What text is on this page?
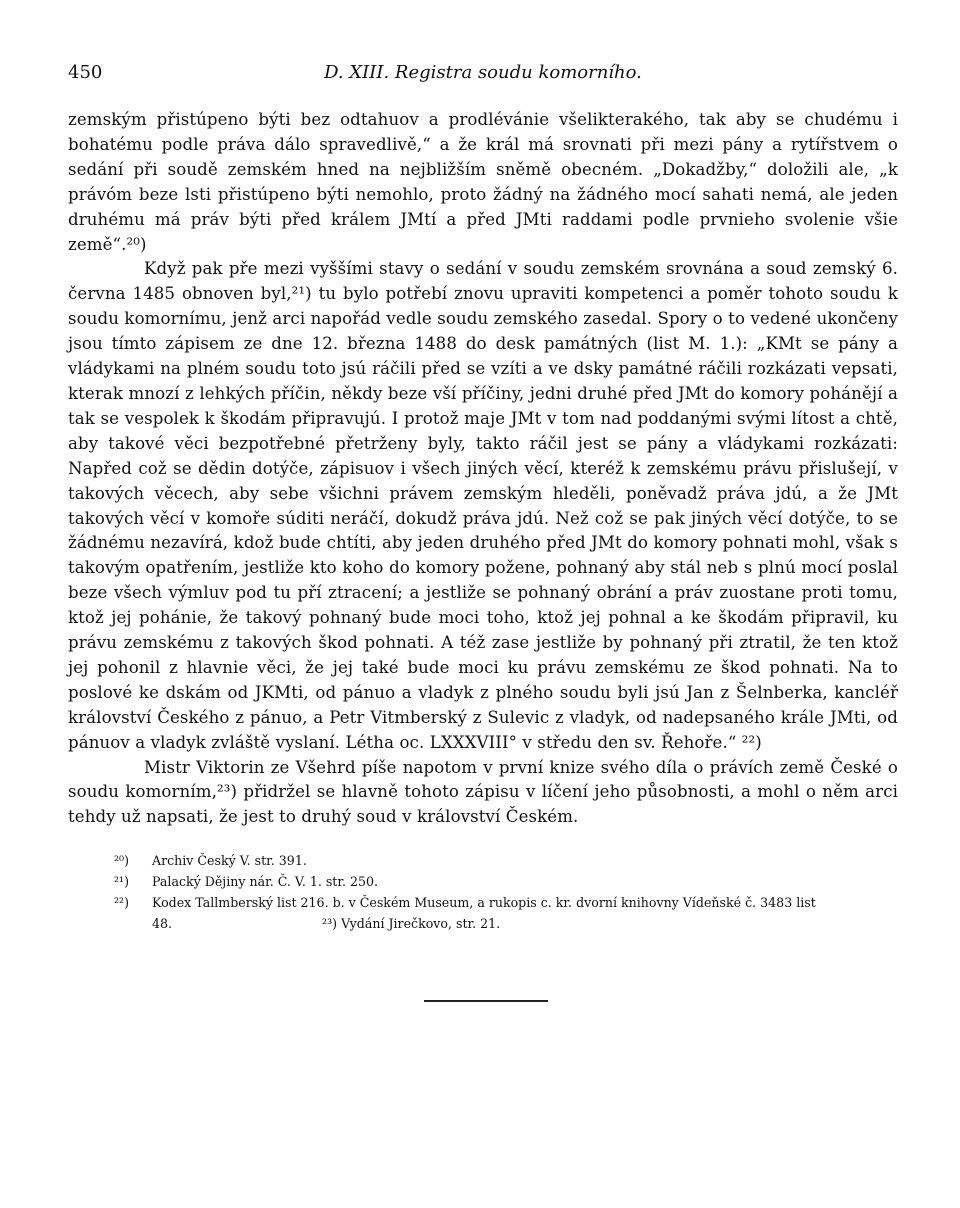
450	D. XIII. Registra soudu komorního.

zemským přistúpeno býti bez odtahuov a prodlévánie všelikterakého, tak aby se chudému i bohatému podle práva dálo spravedlivě,“ a že král má srovnati při mezi pány a rytířstvem o sedání při soudě zemském hned na nejbližším sněmě obecném. „Dokadžby,“ doložili ale, „k právóm beze lsti přistúpeno býti nemohlo, proto žádný na žádného mocí sahati nemá, ale jeden druhému má práv býti před králem JMtí a před JMti raddami podle prvnieho svolenie všie země“.²⁰)

Když pak pře mezi vyššími stavy o sedání v soudu zemském srovnána a soud zemský 6. června 1485 obnoven byl,²¹) tu bylo potřebí znovu upraviti kompetenci a poměr tohoto soudu k soudu komornímu, jenž arci napořád vedle soudu zemského zasedal. Spory o to vedené ukončeny jsou tímto zápisem ze dne 12. března 1488 do desk památných (list M. 1.): „KMt se pány a vládykami na plném soudu toto jsú ráčili před se vzíti a ve dsky památné ráčili rozkázati vepsati, kterak mnozí z lehkých příčin, někdy beze vší příčiny, jedni druhé před JMt do komory pohánějí a tak se vespolek k škodám připravujú. I protož maje JMt v tom nad poddanými svými lítost a chtě, aby takové věci bezpotřebné přetrženy byly, takto ráčil jest se pány a vládykami rozkázati: Napřed což se dědin dotýče, zápisuov i všech jiných věcí, kteréž k zemskému právu přislušejí, v takových věcech, aby sebe všichni právem zemským hleděli, poněvadž práva jdú, a že JMt takových věcí v komoře súditi neráčí, dokudž práva jdú. Než což se pak jiných věcí dotýče, to se žádnému nezavírá, kdož bude chtíti, aby jeden druhého před JMt do komory pohnati mohl, však s takovým opatřením, jestliže kto koho do komory požene, pohnaný aby stál neb s plnú mocí poslal beze všech výmluv pod tu pří ztracení; a jestliže se pohnaný obrání a práv zuostane proti tomu, ktož jej pohánie, že takový pohnaný bude moci toho, ktož jej pohnal a ke škodám připravil, ku právu zemskému z takových škod pohnati. A též zase jestliže by pohnaný při ztratil, že ten ktož jej pohonil z hlavnie věci, že jej také bude moci ku právu zemskému ze škod pohnati. Na to poslové ke dskám od JKMti, od pánuo a vladyk z plného soudu byli jsú Jan z Šelnberka, kancléř království Českého z pánuo, a Petr Vitmberský z Sulevic z vladyk, od nadepsaného krále JMti, od pánuov a vladyk zvláště vyslaní. Létha oc. LXXXVIII° v středu den sv. Řehoře.“ ²²)

Mistr Viktorin ze Všehrd píše napotom v první knize svého díla o právích země České o soudu komorním,²³) přidržel se hlavně tohoto zápisu v líčení jeho působnosti, a mohl o něm arci tehdy už napsati, že jest to druhý soud v království Českém.

²⁰) Archiv Český V. str. 391.

²¹) Palacký Dějiny nár. Č. V. 1. str. 250.

²²) Kodex Tallmberský list 216. b. v Českém Museum, a rukopis c. kr. dvorní knihovny Vídeňské č. 3483 list 48.	²³) Vydání Jirečkovo, str. 21.
